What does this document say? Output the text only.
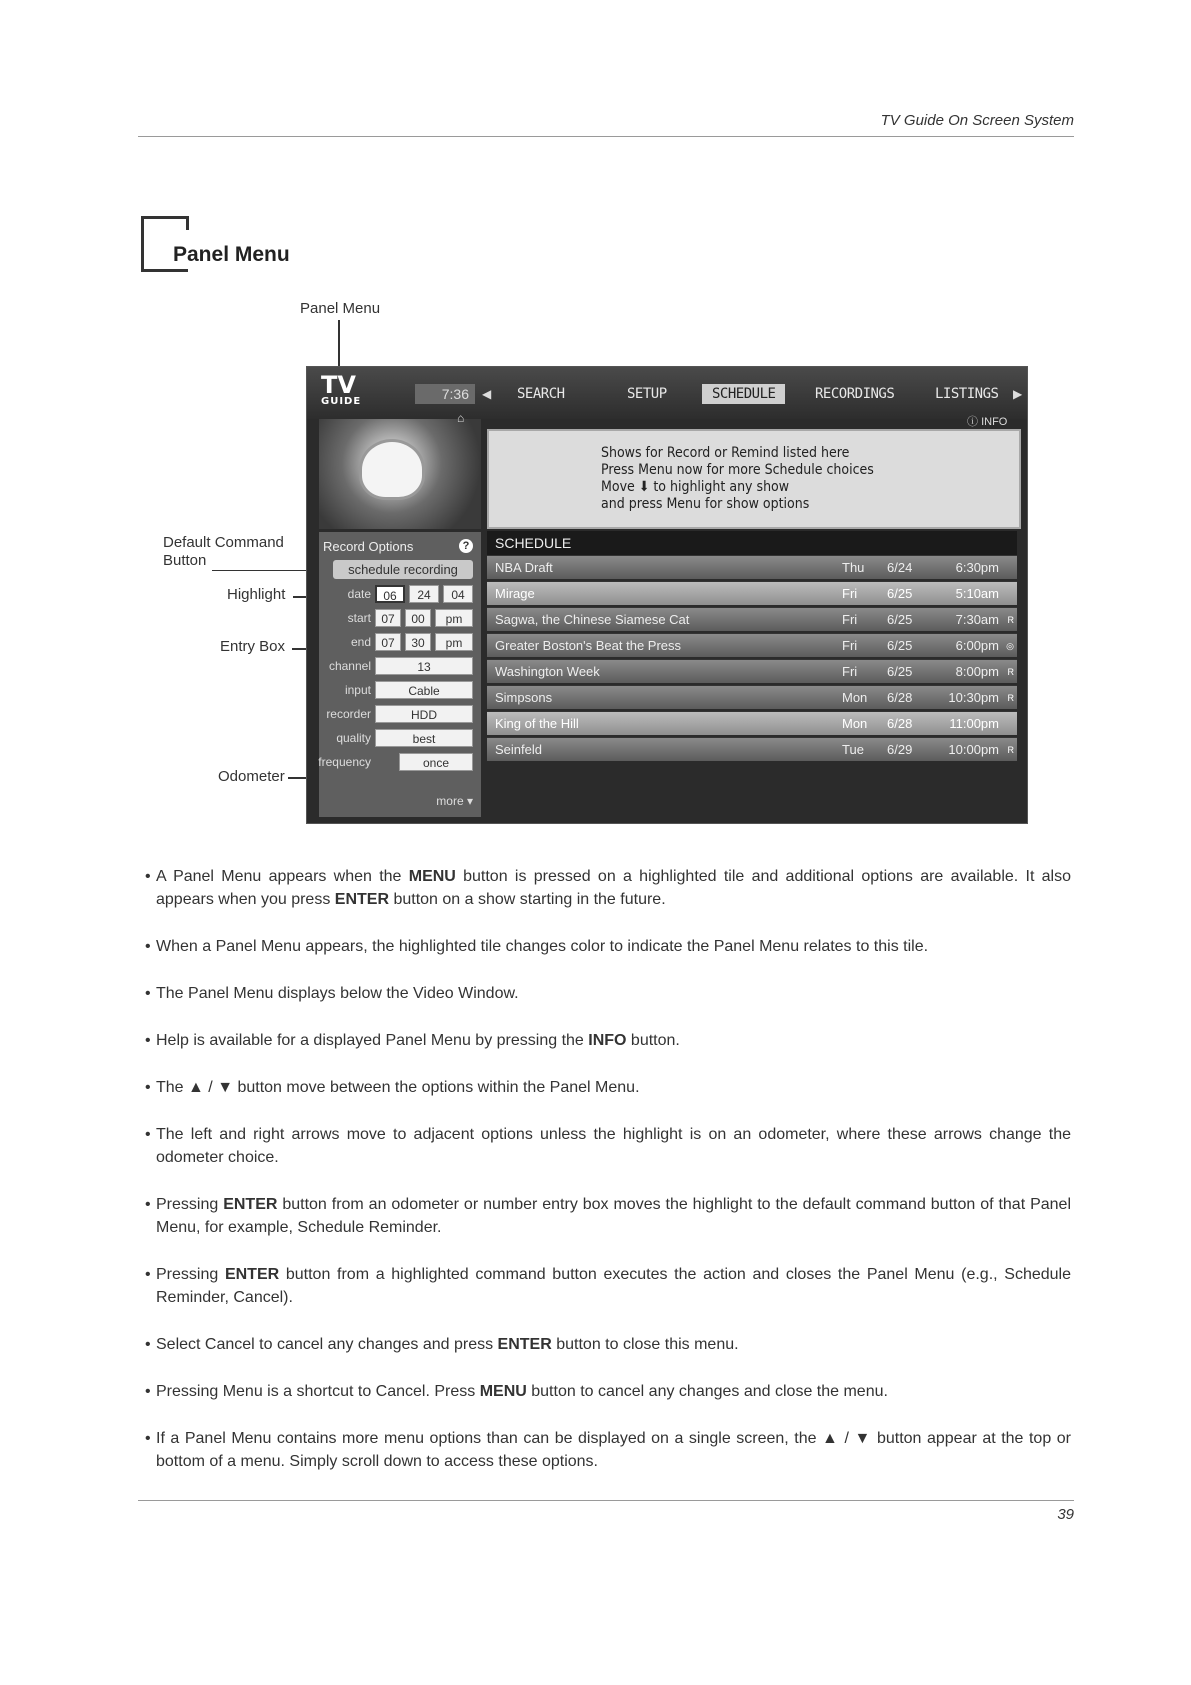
TV Guide On Screen System
Panel Menu
Panel Menu
Default Command
Button
Highlight
Entry Box
Odometer
TV
GUIDE	7:36	◀ SEARCH	SETUP	SCHEDULE	RECORDINGS	LISTINGS ▶
⌂	ⓘ INFO
Shows for Record or Remind listed here
Press Menu now for more Schedule choices
Move ⬇ to highlight any show
and press Menu for show options
Record Options	?
schedule recording
date	06	24	04
start 07	00	pm
end 07	30	pm
channel	13
input	Cable
recorder	HDD
quality	best
frequency	once
more ▾
SCHEDULE
NBA Draft	Thu 6/24	6:30pm
Mirage	Fri 6/25	5:10am
Sagwa, the Chinese Siamese Cat	Fri 6/25	7:30am R
Greater Boston's Beat the Press	Fri 6/25	6:00pm ◎
Washington Week	Fri 6/25	8:00pm R
Simpsons	Mon 6/28	10:30pm R
King of the Hill	Mon 6/28	11:00pm
Seinfeld	Tue 6/29	10:00pm R
• A Panel Menu appears when the MENU button is pressed on a highlighted tile and additional options are available. It also appears when you press ENTER button on a show starting in the future.
• When a Panel Menu appears, the highlighted tile changes color to indicate the Panel Menu relates to this tile.
• The Panel Menu displays below the Video Window.
• Help is available for a displayed Panel Menu by pressing the INFO button.
• The ▲ / ▼ button move between the options within the Panel Menu.
• The left and right arrows move to adjacent options unless the highlight is on an odometer, where these arrows change the odometer choice.
• Pressing ENTER button from an odometer or number entry box moves the highlight to the default command button of that Panel Menu, for example, Schedule Reminder.
• Pressing ENTER button from a highlighted command button executes the action and closes the Panel Menu (e.g., Schedule Reminder, Cancel).
• Select Cancel to cancel any changes and press ENTER button to close this menu.
• Pressing Menu is a shortcut to Cancel. Press MENU button to cancel any changes and close the menu.
• If a Panel Menu contains more menu options than can be displayed on a single screen, the ▲ / ▼ button appear at the top or bottom of a menu. Simply scroll down to access these options.
39
